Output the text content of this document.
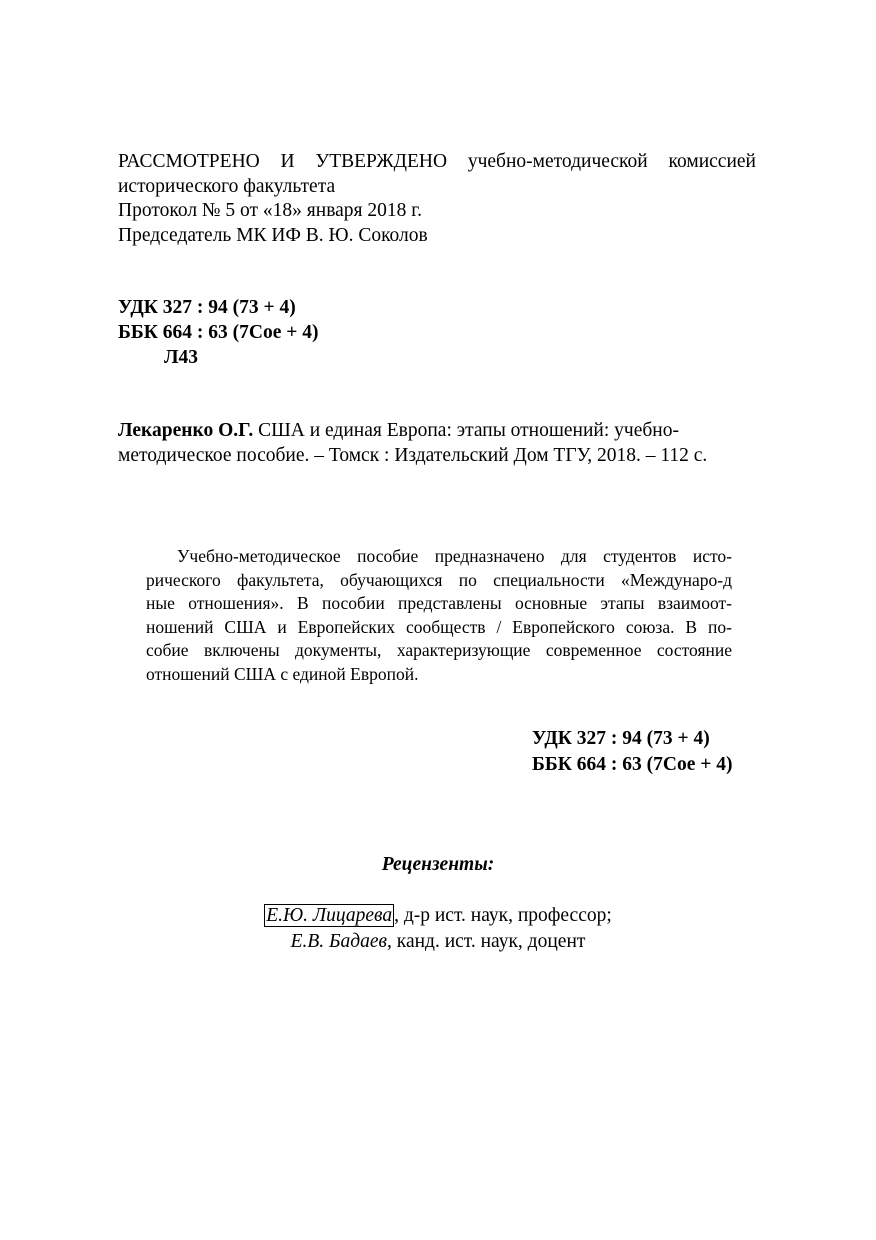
РАССМОТРЕНО И УТВЕРЖДЕНО учебно-методической комиссией
исторического факультета
Протокол № 5 от «18» января 2018 г.
Председатель МК ИФ В. Ю. Соколов
УДК 327 : 94 (73 + 4)
ББК 664 : 63 (7Сое + 4)
Л43
Лекаренко О.Г. США и единая Европа: этапы отношений: учебно-
методическое пособие. – Томск : Издательский Дом ТГУ, 2018. – 112 с.
Учебно-методическое пособие предназначено для студентов исто-
рического факультета, обучающихся по специальности «Междунаро-д
ные отношения». В пособии представлены основные этапы взаимоот-
ношений США и Европейских сообществ / Европейского союза. В по-
собие включены документы, характеризующие современное состояние
отношений США с единой Европой.
УДК 327 : 94 (73 + 4)
ББК 664 : 63 (7Сое + 4)
Рецензенты:
Е.Ю. Лицарева , д-р ист. наук, профессор;
Е.В. Бадаев, канд. ист. наук, доцент
